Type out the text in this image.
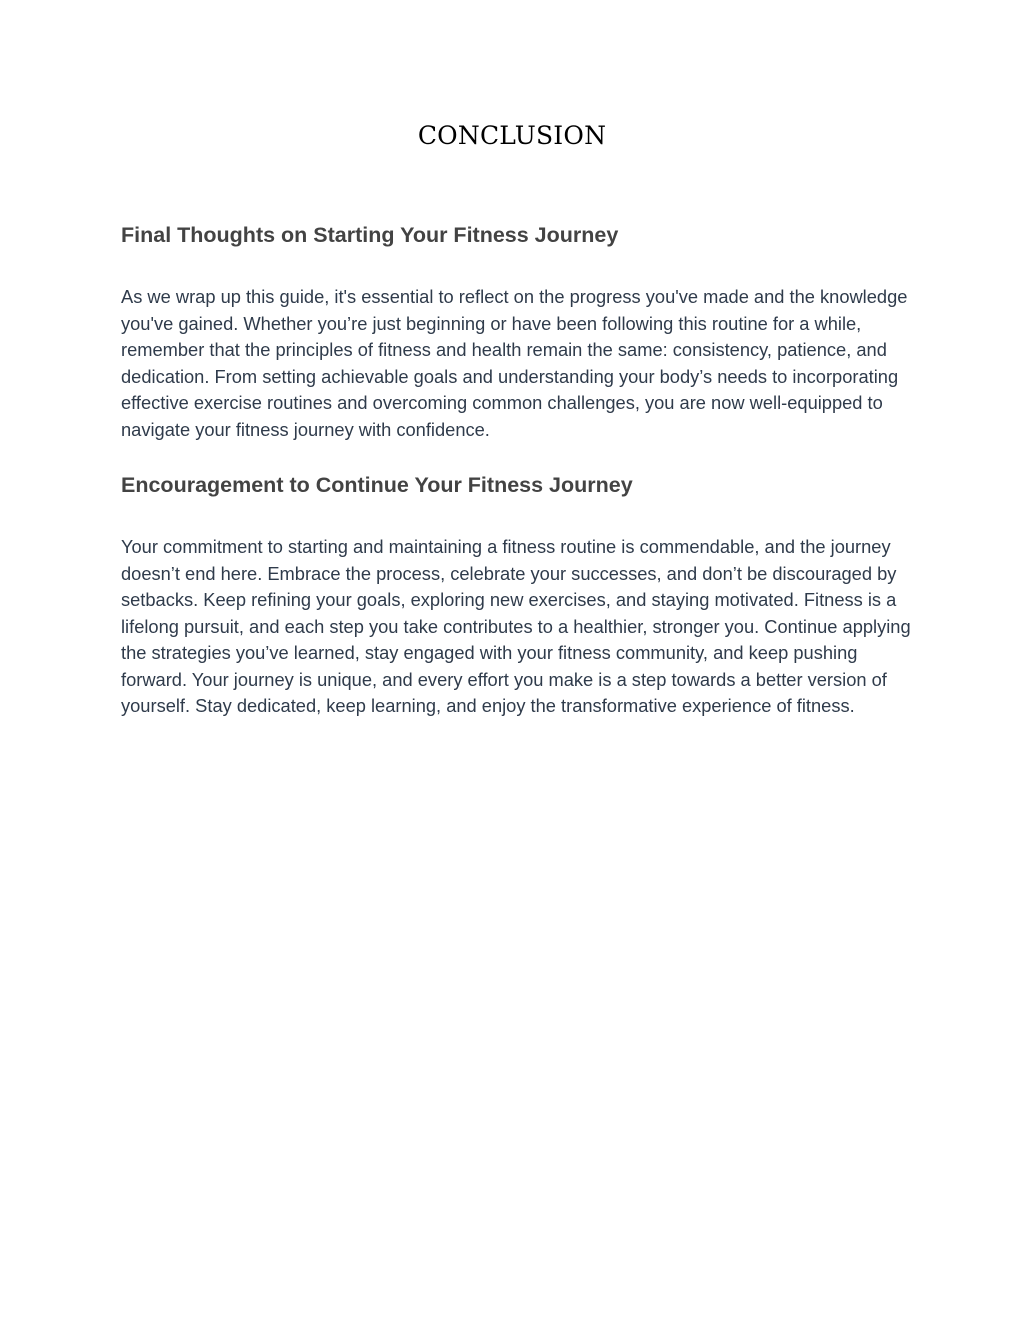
CONCLUSION
Final Thoughts on Starting Your Fitness Journey

As we wrap up this guide, it's essential to reflect on the progress you've made and the knowledge you've gained. Whether you’re just beginning or have been following this routine for a while, remember that the principles of fitness and health remain the same: consistency, patience, and dedication. From setting achievable goals and understanding your body’s needs to incorporating effective exercise routines and overcoming common challenges, you are now well-equipped to navigate your fitness journey with confidence.

Encouragement to Continue Your Fitness Journey

Your commitment to starting and maintaining a fitness routine is commendable, and the journey doesn’t end here. Embrace the process, celebrate your successes, and don’t be discouraged by setbacks. Keep refining your goals, exploring new exercises, and staying motivated. Fitness is a lifelong pursuit, and each step you take contributes to a healthier, stronger you. Continue applying the strategies you’ve learned, stay engaged with your fitness community, and keep pushing forward. Your journey is unique, and every effort you make is a step towards a better version of yourself. Stay dedicated, keep learning, and enjoy the transformative experience of fitness.
